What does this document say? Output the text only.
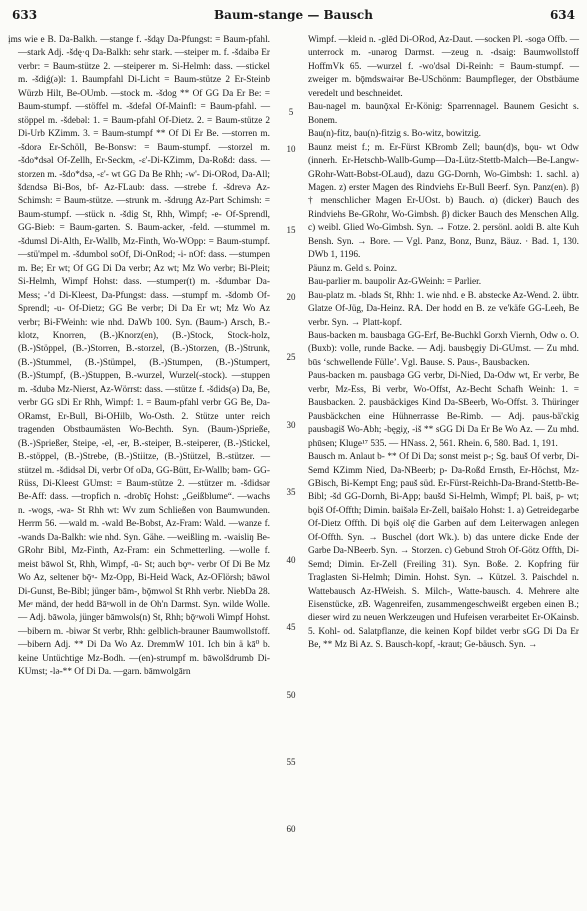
633	Baum-stange — Bausch	634

ịms wie e B. Da-Balkh. —stange f. -šdąy Da-Pfungst: = Baum-pfahl. —stark Adj. -šdę·q Da-Balkh: sehr stark. —steiper m. f. -šdaibə Er verbr: = Baum-stütze 2. —steiperer m. Si-Helmh: dass. —stickel m. -šdiǵ(ə)l: 1. Baumpfahl Di-Licht = Baum-stütze 2 Er-Steinb Würzb Hilt, Be-OUmb. —stock m. -šdog ** Of GG Da Er Be: = Baum-stumpf. —stöffel m. -šdefəl Of-Mainfl: = Baum-pfahl. —stöppel m. -šdebəl: 1. = Baum-pfahl Of-Dietz. 2. = Baum-stütze 2 Di-Urb KZimm. 3. = Baum-stumpf ** Of Di Er Be. —storren m. -šdorə Er-Schöll, Be-Bonsw: = Baum-stumpf. —storzel m. -šdo*dsəl Of-Zellh, Er-Seckm, -ɛ'-Di-KZimm, Da-Roßd: dass. —storzen m. -šdo*dsə, -ɛ'- wt GG Da Be Rhh; -w'- Di-ORod, Da-All; šdɛndsə Bi-Bos, bf- Az-FLaub: dass. —strebe f. -šdrevə Az-Schimsh: = Baum-stütze. —strunk m. -šdruŋg Az-Part Schimsh: = Baum-stumpf. —stück n. -šdig St, Rhh, Wimpf; -e- Of-Sprendl, GG-Bieb: = Baum-garten. S. Baum-acker, -feld. —stummel m. -šdumsl Di-Alth, Er-Wallb, Mz-Finth, Wo-WOpp: = Baum-stumpf. —stü'mpel m. -šdumbol soOf, Di-OnRod; -i- nOf: dass. —stumpen m. Be; Er wt; Of GG Di Da verbr; Az wt; Mz Wo verbr; Bi-Pleit; Si-Helmh, Wimpf Hohst: dass. —stumper(t) m. -šdumbər Da-Mess; -ʼd Di-Kleest, Da-Pfungst: dass. —stumpf m. -šdomb Of-Sprendl; -u- Of-Dietz; GG Be verbr; Di Da Er wt; Mz Wo Az verbr; Bi-FWeinh: wie nhd. DaWb 100. Syn. (Baum-) Arsch, B.-klotz, Knorren, (B.-)Knorz(en), (B.-)Stock, Stock-holz, (B.-)Stöppel, (B.-)Storren, B.-storzel, (B.-)Storzen, (B.-)Strunk, (B.-)Stummel, (B.-)Stümpel, (B.-)Stumpen, (B.-)Stumpert, (B.-)Stumpf, (B.-)Stuppen, B.-wurzel, Wurzel(-stock). —stuppen m. -šdubə Mz-Nierst, Az-Wörrst: dass. —stütze f. -šdids(ə) Da, Be, verbr GG sDi Er Rhh, Wimpf: 1. = Baum-pfahl verbr GG Be, Da-ORamst, Er-Bull, Bi-OHilb, Wo-Osth. 2. Stütze unter reich tragenden Obstbaumästen Wo-Bechth. Syn. (Baum-)Sprieße, (B.-)Sprießer, Steipe, -el, -er, B.-steiper, B.-steiperer, (B.-)Stickel, B.-stöppel, (B.-)Strebe, (B.-)Stiitze, (B.-)Stützel, B.-stützer. —stützel m. -šdidsəl Di, verbr Of oDa, GG-Bütt, Er-Wallb; bəm- GG-Rüss, Di-Kleest GUmst: = Baum-stütze 2. —stützer m. -šdidsər Be-Aff: dass. —tropfich n. -drobīç Hohst: „Geißblume“. —wachs n. -wogs, -wa- St Rhh wt: Wv zum Schließen von Baumwunden. Herrm 56. —wald m. -wald Be-Bobst, Az-Fram: Wald. —wanze f. -wands Da-Balkh: wie nhd. Syn. Gähe. —weißling m. -waisliŋ Be-GRohr Bibl, Mz-Finth, Az-Fram: ein Schmetterling. —wolle f. meist bāwol St, Rhh, Wimpf, -ū- St; auch bǫˢˢ- verbr Of Di Be Mz Wo Az, seltener bǭᵘ- Mz-Opp, Bi-Heid Wack, Az-OFlörsh; bāwol Di-Gunst, Be-Bibl; jünger bām-, bǭmwol St Rhh verbr. NiebDa 28. Meᵉ mänd, der hedd Bāᵘwoll in de Oh'n Darmst. Syn. wilde Wolle. — Adj. bāwolə, jünger bāmwols(n) St, Rhh; bǭᵘwoli Wimpf Hohst. —bibern m. -biwər St verbr, Rhh: gelblich-brauner Baumwollstoff. —bibern Adj. ** Di Da Wo Az. DremmW 101. Ich bin ä kā⁰ b. keine Untüchtige Mz-Bodh. —(en)-strumpf m. bāwolšdrumb Di-KUmst; -lə-** Of Di Da. —garn. bāmwolgārn

5
10
15
20
25
30
35
40
45
50
55
60

Wimpf. —kleid n. -glēd Di-ORod, Az-Daut. —socken Pl. -sogə Offb. —unterrock m. -unərog Darmst. —zeug n. -dsaig: Baumwollstoff HoffmVk 65. —wurzel f. -wo'dsəl Di-Reinh: = Baum-stumpf. —zweiger m. bǭmdswaiᵍər Be-USchönm: Baumpfleger, der Obstbäume veredelt und beschneidet.

Bau-nagel m. baunǭxəl Er-König: Sparrennagel. Baunem Gesicht s. Bonem.

Bau(n)-fitz, bau(n)-fitzig s. Bo-witz, bowitzig.

Baunz meist f.; m. Er-Fürst KBromb Zell; baun(d)s, bǫu- wt Odw (innerh. Er-Hetschb-Wallb-Gump—Da-Lütz-Stettb-Malch—Be-Langw-GRohr-Watt-Bobst-OLaud), dazu GG-Dornh, Wo-Gimbsh: 1. sachl. a) Magen. z) erster Magen des Rindviehs Er-Bull Beerf. Syn. Panz(en). β) † menschlicher Magen Er-UOst. b) Bauch. α) (dicker) Bauch des Rindviehs Be-GRohr, Wo-Gimbsh. β) dicker Bauch des Menschen Allg. c) weibl. Glied Wo-Gimbsh. Syn. → Fotze. 2. persönl. aoldi B. alte Kuh Bensh. Syn. → Bore. — Vgl. Panz, Bonz, Bunz, Bäuz. · Bad. 1, 130. DWb 1, 1196.

Päunz m. Geld s. Poinz.

Bau-parlier m. baupolir Az-GWeinh: = Parlier.

Bau-platz m. -blads St, Rhh: 1. wie nhd. e B. abstecke Az-Wend. 2. übtr. Glatze Of-Jüg, Da-Heinz. RA. Der hodd en B. ze ve'käfe GG-Leeh, Be verbr. Syn. → Platt-kopf.

Baus-backen m. bausbaga GG-Erf, Be-Buchkl Gorxh Viernh, Odw o. O. (Buxb): volle, runde Backe. — Adj. bausbęgiy Di-GUmst. — Zu mhd. būs ‘schwellende Fülle’. Vgl. Bause. S. Paus-, Bausbacken.

Paus-backen m. pausbagə GG verbr, Di-Nied, Da-Odw wt, Er verbr, Be verbr, Mz-Ess, Bi verbr, Wo-Offst, Az-Becht Schafh Weinh: 1. = Bausbacken. 2. pausbäckiges Kind Da-SBeerb, Wo-Offst. 3. Thüringer Pausbäckchen eine Hühnerrasse Be-Rimb. — Adj. paus-bä'ckig pausbagiš Wo-Abh; -bęgiχ, -iš ** sGG Di Da Er Be Wo Az. — Zu mhd. phūsen; Kluge¹⁷ 535. — HNass. 2, 561. Rhein. 6, 580. Bad. 1, 191.

Bausch m. Anlaut b- ** Of Di Da; sonst meist p-; Sg. bauš Of verbr, Di-Semd KZimm Nied, Da-NBeerb; p- Da-Roßd Ernsth, Er-Höchst, Mz-GBisch, Bi-Kempt Eng; pauš süd. Er-Fürst-Reichh-Da-Brand-Stettb-Be-Bibl; -šd GG-Dornh, Bi-App; baušd Si-Helmh, Wimpf; Pl. baiš, p- wt; bǫiš Of-Offth; Dimin. baišələ Er-Zell, baišəlo Hohst: 1. a) Getreidegarbe Of-Dietz Offth. Di bǫiš olę̄ die Garben auf dem Leiterwagen anlegen Of-Offth. Syn. → Buschel (dort Wk.). b) das untere dicke Ende der Garbe Da-NBeerb. Syn. → Storzen. c) Gebund Stroh Of-Götz Offth, Di-Semd; Dimin. Er-Zell (Freiling 31). Syn. Boße. 2. Kopfring für Traglasten Si-Helmh; Dimin. Hohst. Syn. → Kützel. 3. Paischdel n. Wattebausch Az-HWeish. S. Milch-, Watte-bausch. 4. Mehrere alte Eisenstücke, zB. Wagenreifen, zusammengeschweißt ergeben einen B.; dieser wird zu neuen Werkzeugen und Hufeisen verarbeitet Er-OKainsb. 5. Kohl- od. Salatpflanze, die keinen Kopf bildet verbr sGG Di Da Er Be, ** Mz Bi Az. S. Bausch-kopf, -kraut; Ge-bäusch. Syn. →
